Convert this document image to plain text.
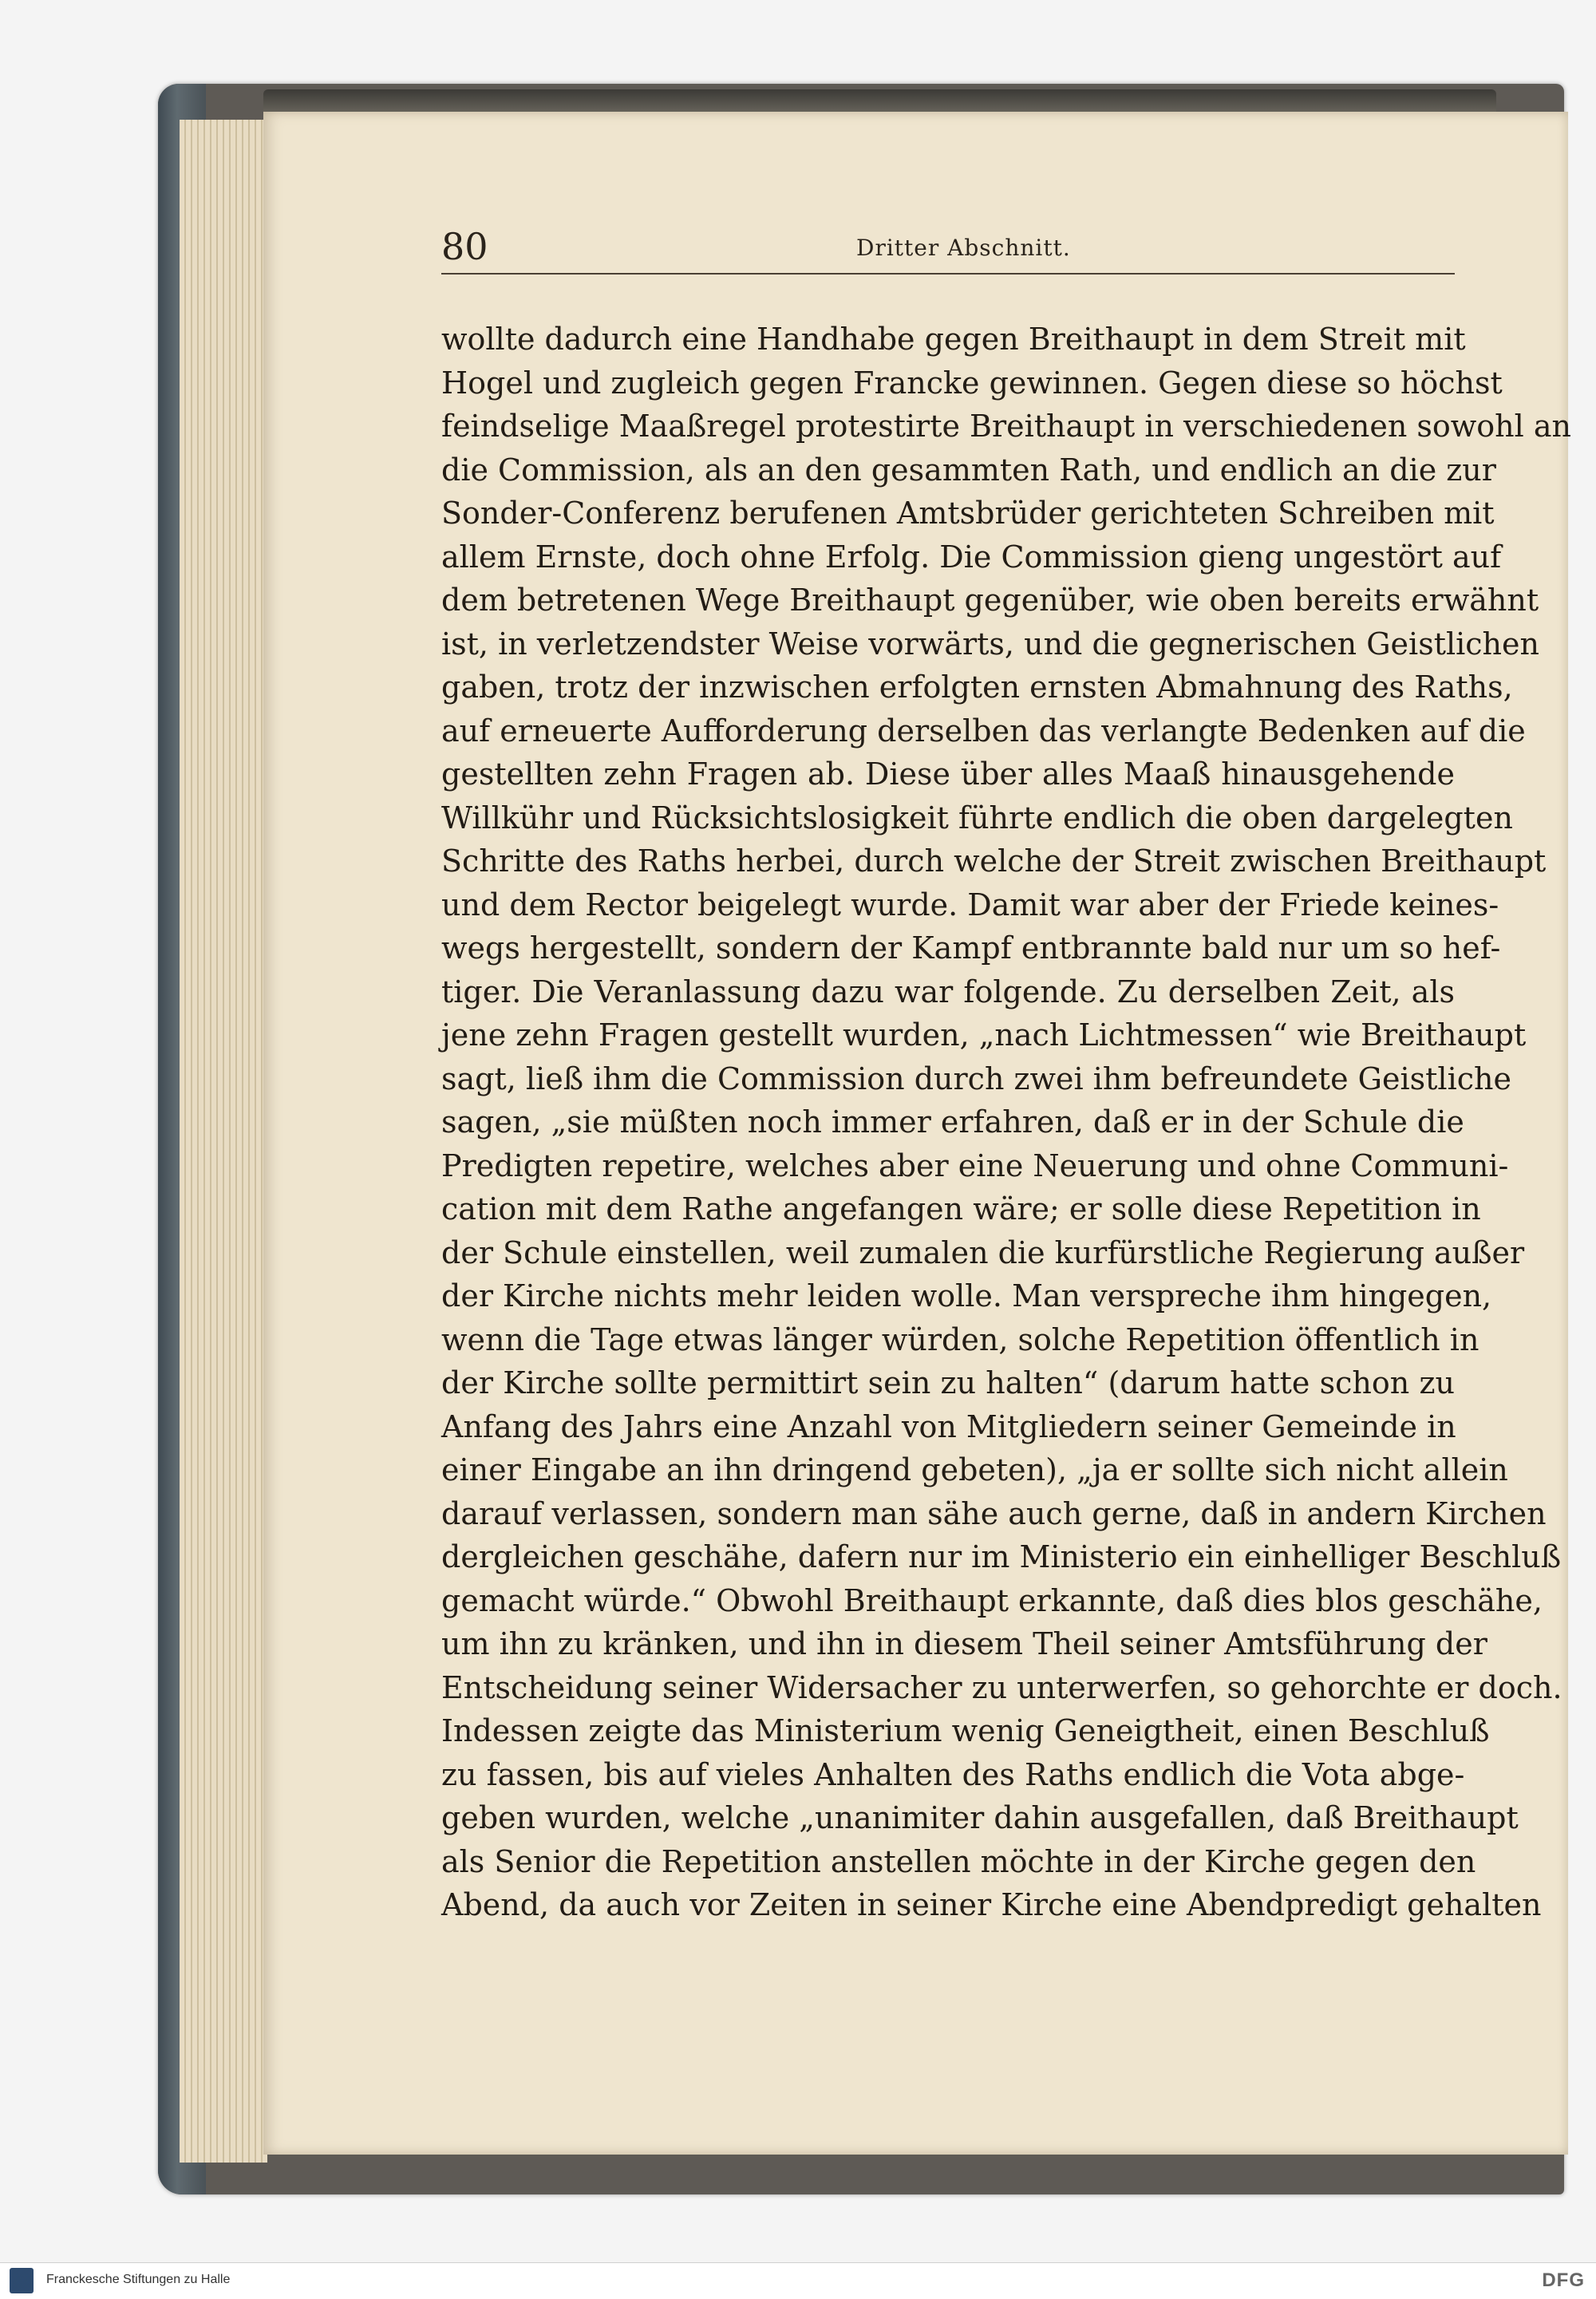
80	Dritter Abschnitt.
wollte dadurch eine Handhabe gegen Breithaupt in dem Streit mit
Hogel und zugleich gegen Francke gewinnen. Gegen diese so höchst
feindselige Maaßregel protestirte Breithaupt in verschiedenen sowohl an
die Commission, als an den gesammten Rath, und endlich an die zur
Sonder-Conferenz berufenen Amtsbrüder gerichteten Schreiben mit
allem Ernste, doch ohne Erfolg. Die Commission gieng ungestört auf
dem betretenen Wege Breithaupt gegenüber, wie oben bereits erwähnt
ist, in verletzendster Weise vorwärts, und die gegnerischen Geistlichen
gaben, trotz der inzwischen erfolgten ernsten Abmahnung des Raths,
auf erneuerte Aufforderung derselben das verlangte Bedenken auf die
gestellten zehn Fragen ab. Diese über alles Maaß hinausgehende
Willkühr und Rücksichtslosigkeit führte endlich die oben dargelegten
Schritte des Raths herbei, durch welche der Streit zwischen Breithaupt
und dem Rector beigelegt wurde. Damit war aber der Friede keines-
wegs hergestellt, sondern der Kampf entbrannte bald nur um so hef-
tiger. Die Veranlassung dazu war folgende. Zu derselben Zeit, als
jene zehn Fragen gestellt wurden, „nach Lichtmessen“ wie Breithaupt
sagt, ließ ihm die Commission durch zwei ihm befreundete Geistliche
sagen, „sie müßten noch immer erfahren, daß er in der Schule die
Predigten repetire, welches aber eine Neuerung und ohne Communi-
cation mit dem Rathe angefangen wäre; er solle diese Repetition in
der Schule einstellen, weil zumalen die kurfürstliche Regierung außer
der Kirche nichts mehr leiden wolle. Man verspreche ihm hingegen,
wenn die Tage etwas länger würden, solche Repetition öffentlich in
der Kirche sollte permittirt sein zu halten“ (darum hatte schon zu
Anfang des Jahrs eine Anzahl von Mitgliedern seiner Gemeinde in
einer Eingabe an ihn dringend gebeten), „ja er sollte sich nicht allein
darauf verlassen, sondern man sähe auch gerne, daß in andern Kirchen
dergleichen geschähe, dafern nur im Ministerio ein einhelliger Beschluß
gemacht würde.“ Obwohl Breithaupt erkannte, daß dies blos geschähe,
um ihn zu kränken, und ihn in diesem Theil seiner Amtsführung der
Entscheidung seiner Widersacher zu unterwerfen, so gehorchte er doch.
Indessen zeigte das Ministerium wenig Geneigtheit, einen Beschluß
zu fassen, bis auf vieles Anhalten des Raths endlich die Vota abge-
geben wurden, welche „unanimiter dahin ausgefallen, daß Breithaupt
als Senior die Repetition anstellen möchte in der Kirche gegen den
Abend, da auch vor Zeiten in seiner Kirche eine Abendpredigt gehalten
Franckesche Stiftungen zu Halle	DFG
